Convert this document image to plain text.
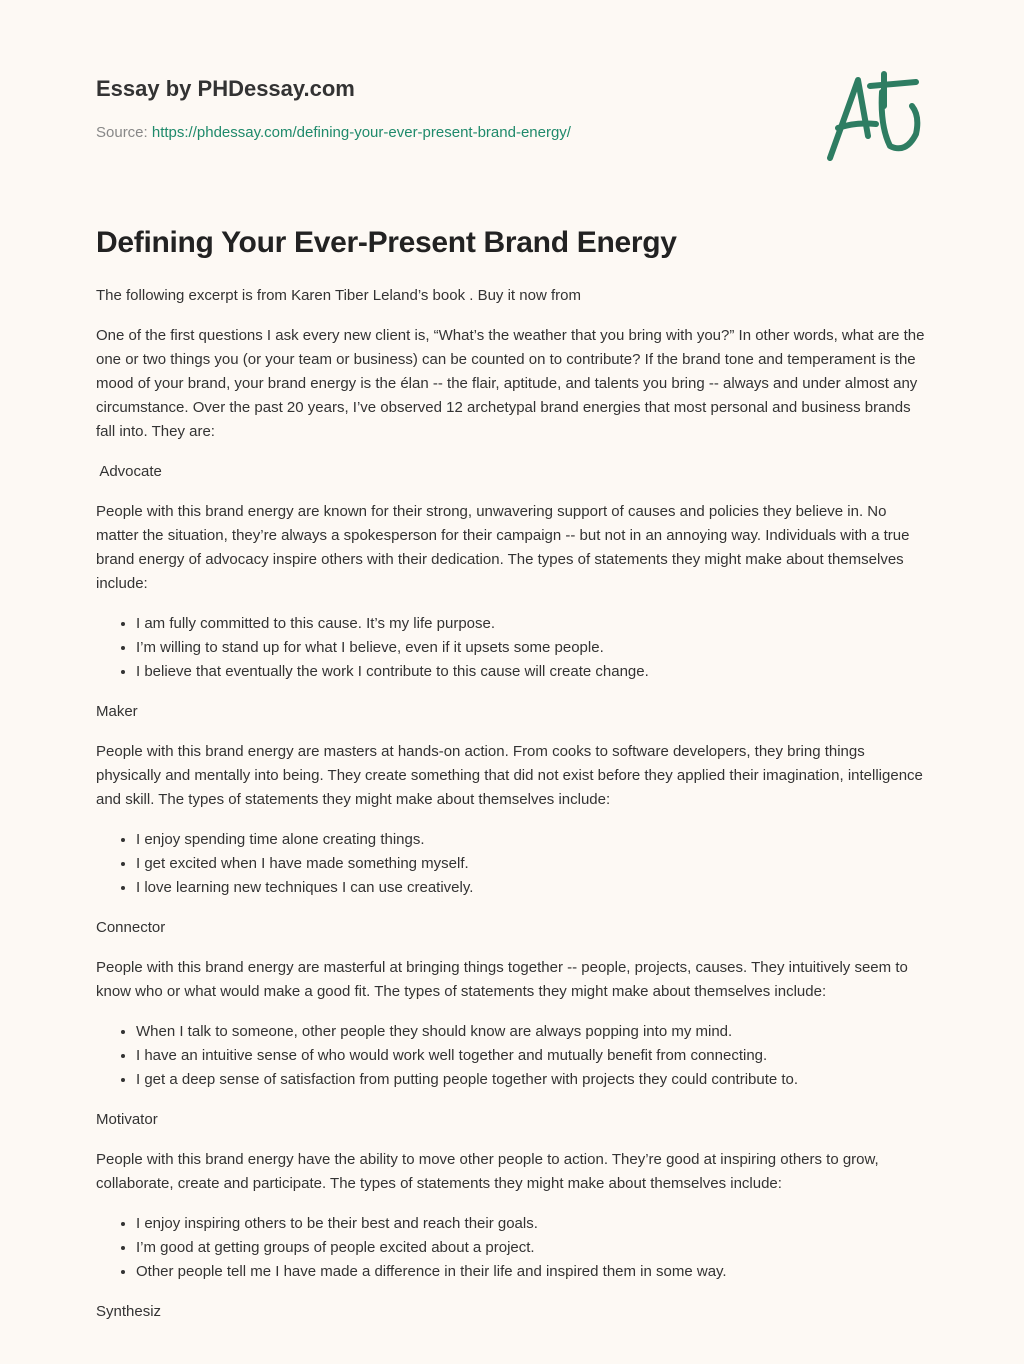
Essay by PHDessay.com
Source: https://phdessay.com/defining-your-ever-present-brand-energy/
Defining Your Ever-Present Brand Energy

The following excerpt is from Karen Tiber Leland’s book . Buy it now from

One of the first questions I ask every new client is, “What’s the weather that you bring with you?” In other words, what are the one or two things you (or your team or business) can be counted on to contribute? If the brand tone and temperament is the mood of your brand, your brand energy is the élan -- the flair, aptitude, and talents you bring -- always and under almost any circumstance. Over the past 20 years, I’ve observed 12 archetypal brand energies that most personal and business brands fall into. They are:

Advocate

People with this brand energy are known for their strong, unwavering support of causes and policies they believe in. No matter the situation, they’re always a spokesperson for their campaign -- but not in an annoying way. Individuals with a true brand energy of advocacy inspire others with their dedication. The types of statements they might make about themselves include:

• I am fully committed to this cause. It’s my life purpose.
• I’m willing to stand up for what I believe, even if it upsets some people.
• I believe that eventually the work I contribute to this cause will create change.

Maker

People with this brand energy are masters at hands-on action. From cooks to software developers, they bring things physically and mentally into being. They create something that did not exist before they applied their imagination, intelligence and skill. The types of statements they might make about themselves include:

• I enjoy spending time alone creating things.
• I get excited when I have made something myself.
• I love learning new techniques I can use creatively.

Connector

People with this brand energy are masterful at bringing things together -- people, projects, causes. They intuitively seem to know who or what would make a good fit. The types of statements they might make about themselves include:

• When I talk to someone, other people they should know are always popping into my mind.
• I have an intuitive sense of who would work well together and mutually benefit from connecting.
• I get a deep sense of satisfaction from putting people together with projects they could contribute to.

Motivator

People with this brand energy have the ability to move other people to action. They’re good at inspiring others to grow, collaborate, create and participate. The types of statements they might make about themselves include:

• I enjoy inspiring others to be their best and reach their goals.
• I’m good at getting groups of people excited about a project.
• Other people tell me I have made a difference in their life and inspired them in some way.

Synthesiz
